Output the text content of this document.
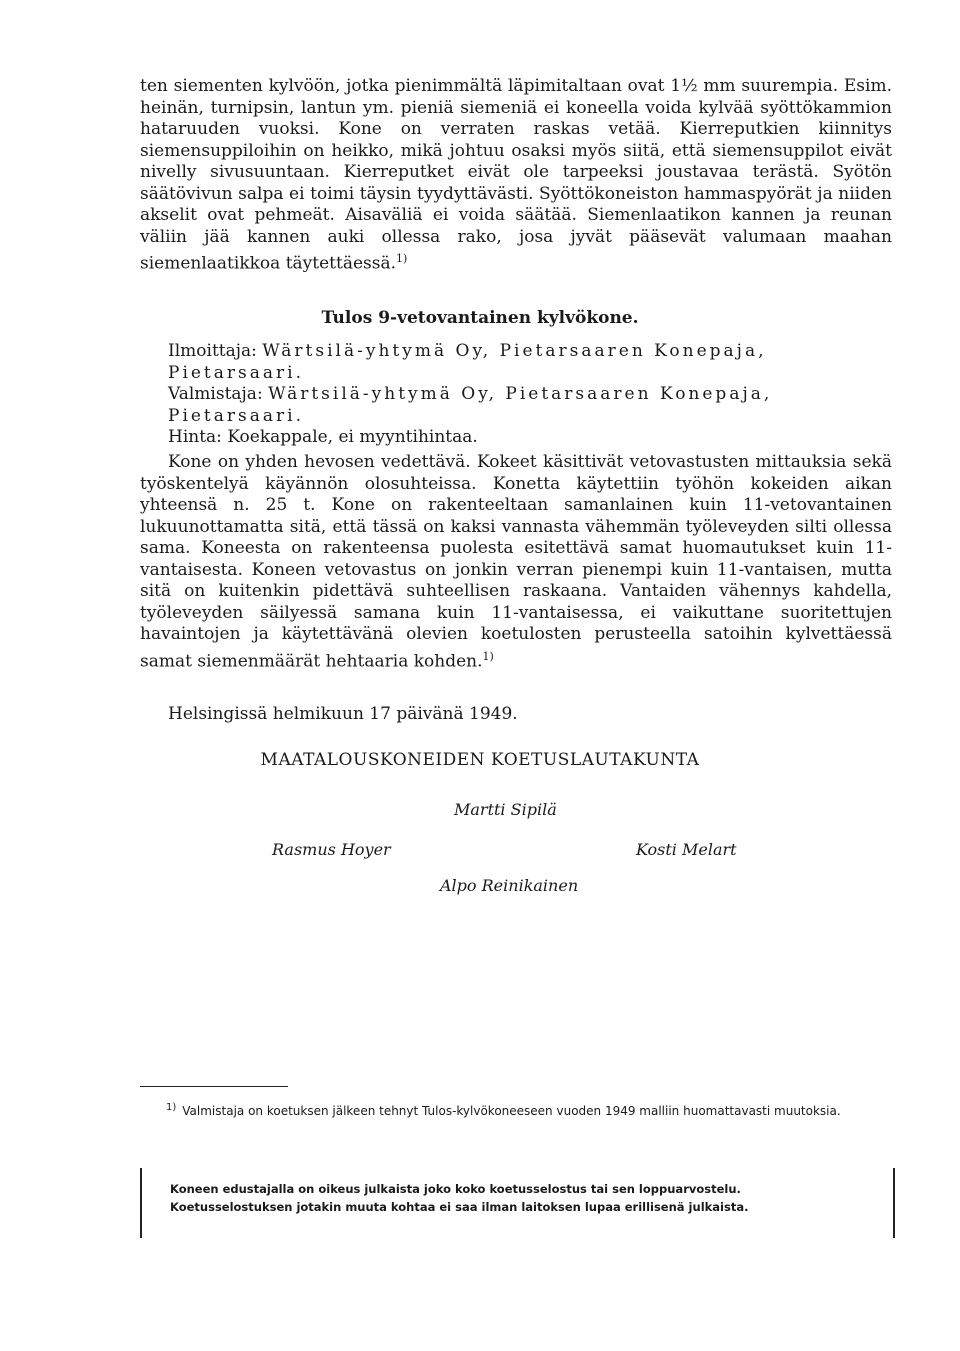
ten siementen kylvöön, jotka pienimmältä läpimitaltaan ovat 1½ mm suurempia. Esim. heinän, turnipsin, lantun ym. pieniä siemeniä ei koneella voida kylvää syöttökammion hataruuden vuoksi. Kone on verraten raskas vetää. Kierreputkien kiinnitys siemensuppiloihin on heikko, mikä johtuu osaksi myös siitä, että siemensuppilot eivät nivelly sivusuuntaan. Kierreputket eivät ole tarpeeksi joustavaa terästä. Syötön säätövivun salpa ei toimi täysin tyydyttävästi. Syöttökoneiston hammaspyörät ja niiden akselit ovat pehmeät. Aisaväliä ei voida säätää. Siemenlaatikon kannen ja reunan väliin jää kannen auki ollessa rako, josa jyvät pääsevät valumaan maahan siemenlaatikkoa täytettäessä.$^{1)}$

Tulos 9-vetovantainen kylvökone.

Ilmoittaja: Wärtsilä-yhtymä Oy, Pietarsaaren Konepaja, Pietarsaari.

Valmistaja: Wärtsilä-yhtymä Oy, Pietarsaaren Konepaja, Pietarsaari.

Hinta: Koekappale, ei myyntihintaa.

Kone on yhden hevosen vedettävä. Kokeet käsittivät vetovastusten mittauksia sekä työskentelyä käyännön olosuhteissa. Konetta käytettiin työhön kokeiden aikan yhteensä n. 25 t. Kone on rakenteeltaan samanlainen kuin 11-vetovantainen lukuunottamatta sitä, että tässä on kaksi vannasta vähemmän työleveyden silti ollessa sama. Koneesta on rakenteensa puolesta esitettävä samat huomautukset kuin 11-vantaisesta. Koneen vetovastus on jonkin verran pienempi kuin 11-vantaisen, mutta sitä on kuitenkin pidettävä suhteellisen raskaana. Vantaiden vähennys kahdella, työleveyden säilyessä samana kuin 11-vantaisessa, ei vaikuttane suoritettujen havaintojen ja käytettävänä olevien koetulosten perusteella satoihin kylvettäessä samat siemenmäärät hehtaaria kohden.$^{1)}$

Helsingissä helmikuun 17 päivänä 1949.
MAATALOUSKONEIDEN KOETUSLAUTAKUNTA
Martti Sipilä
Rasmus Hoyer	Kosti Melart
Alpo Reinikainen
$^{1)}$ Valmistaja on koetuksen jälkeen tehnyt Tulos-kylvökoneeseen vuoden 1949 malliin huomattavasti muutoksia.

Koneen edustajalla on oikeus julkaista joko koko koetusselostus tai sen loppuarvostelu.

Koetusselostuksen jotakin muuta kohtaa ei saa ilman laitoksen lupaa erillisenä julkaista.
